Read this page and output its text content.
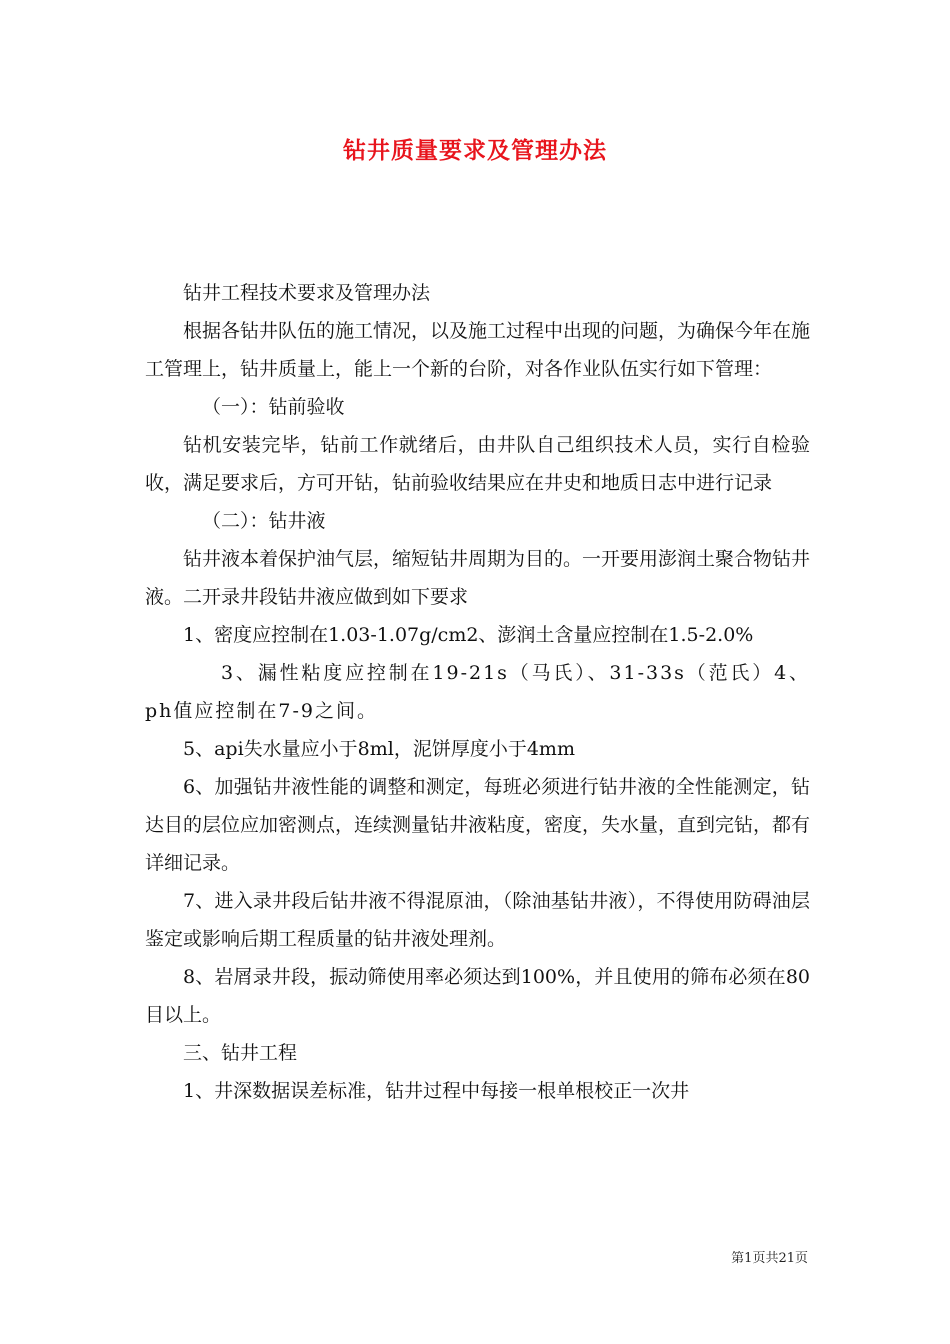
钻井质量要求及管理办法

钻井工程技术要求及管理办法

根据各钻井队伍的施工情况，以及施工过程中出现的问题，为确保今年在施工管理上，钻井质量上，能上一个新的台阶，对各作业队伍实行如下管理：

（一）：钻前验收

钻机安装完毕，钻前工作就绪后，由井队自己组织技术人员，实行自检验收，满足要求后，方可开钻，钻前验收结果应在井史和地质日志中进行记录

（二）：钻井液

钻井液本着保护油气层，缩短钻井周期为目的。一开要用澎润土聚合物钻井液。二开录井段钻井液应做到如下要求

1、密度应控制在1.03-1.07g/cm2、澎润土含量应控制在1.5-2.0%

3、漏性粘度应控制在19-21s（马氏）、31-33s（范氏）4、ph值应控制在7-9之间。

5、api失水量应小于8ml，泥饼厚度小于4mm

6、加强钻井液性能的调整和测定，每班必须进行钻井液的全性能测定，钻达目的层位应加密测点，连续测量钻井液粘度，密度，失水量，直到完钻，都有详细记录。

7、进入录井段后钻井液不得混原油，（除油基钻井液），不得使用防碍油层鉴定或影响后期工程质量的钻井液处理剂。

8、岩屑录井段，振动筛使用率必须达到100%，并且使用的筛布必须在80目以上。

三、钻井工程

1、井深数据误差标准，钻井过程中每接一根单根校正一次井

第1页共21页
